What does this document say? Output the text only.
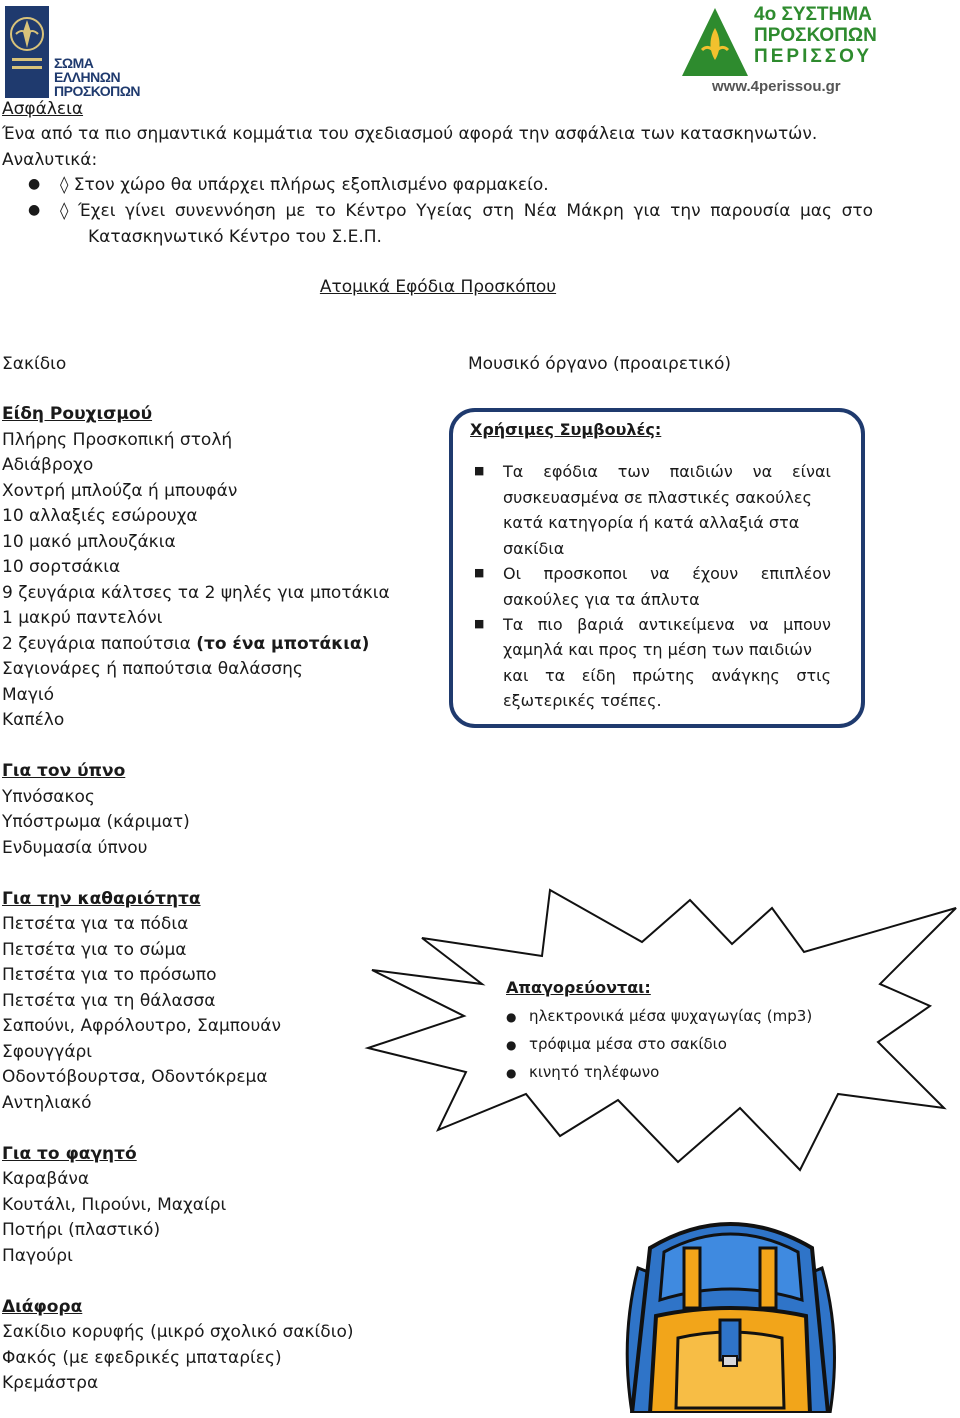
ΣΩΜΑ
ΕΛΛΗΝΩΝ
ΠΡΟΣΚΟΠΩΝ
4ο ΣΥΣΤΗΜΑ
ΠΡΟΣΚΟΠΩΝ
ΠΕΡΙΣΣΟΥ
www.4perissou.gr
Ασφάλεια
Ένα από τα πιο σημαντικά κομμάτια του σχεδιασμού αφορά την ασφάλεια των κατασκηνωτών.
Αναλυτικά:
● ◊ Στον χώρο θα υπάρχει πλήρως εξοπλισμένο φαρμακείο.
● ◊ Έχει γίνει συνεννόηση με το Κέντρο Υγείας στη Νέα Μάκρη για την παρουσία μας στο
Κατασκηνωτικό Κέντρο του Σ.Ε.Π.
Ατομικά Εφόδια Προσκόπου
Σακίδιο	Μουσικό όργανο (προαιρετικό)
Είδη Ρουχισμού
Πλήρης Προσκοπική στολή
Αδιάβροχο
Χοντρή μπλούζα ή μπουφάν
10 αλλαξιές εσώρουχα
10 μακό μπλουζάκια
10 σορτσάκια
9 ζευγάρια κάλτσες τα 2 ψηλές για μποτάκια
1 μακρύ παντελόνι
2 ζευγάρια παπούτσια (το ένα μποτάκια)
Σαγιονάρες ή παπούτσια θαλάσσης
Μαγιό
Καπέλο
Χρήσιμες Συμβουλές:
■ Τα εφόδια των παιδιών να είναι
συσκευασμένα σε πλαστικές σακούλες
κατά κατηγορία ή κατά αλλαξιά στα
σακίδια
■ Οι προσκοποι να έχουν επιπλέον
σακούλες για τα άπλυτα
■ Τα πιο βαριά αντικείμενα να μπουν
χαμηλά και προς τη μέση των παιδιών
και τα είδη πρώτης ανάγκης στις
εξωτερικές τσέπες.
Για τον ύπνο
Υπνόσακος
Υπόστρωμα (κάριματ)
Ενδυμασία ύπνου
Για την καθαριότητα
Πετσέτα για τα πόδια
Πετσέτα για το σώμα
Πετσέτα για το πρόσωπο
Πετσέτα για τη θάλασσα
Σαπούνι, Αφρόλουτρο, Σαμπουάν
Σφουγγάρι
Οδοντόβουρτσα, Οδοντόκρεμα
Αντηλιακό
Απαγορεύονται:
● ηλεκτρονικά μέσα ψυχαγωγίας (mp3)
● τρόφιμα μέσα στο σακίδιο
● κινητό τηλέφωνο
Για το φαγητό
Καραβάνα
Κουτάλι, Πιρούνι, Μαχαίρι
Ποτήρι (πλαστικό)
Παγούρι
Διάφορα
Σακίδιο κορυφής (μικρό σχολικό σακίδιο)
Φακός (με εφεδρικές μπαταρίες)
Κρεμάστρα
